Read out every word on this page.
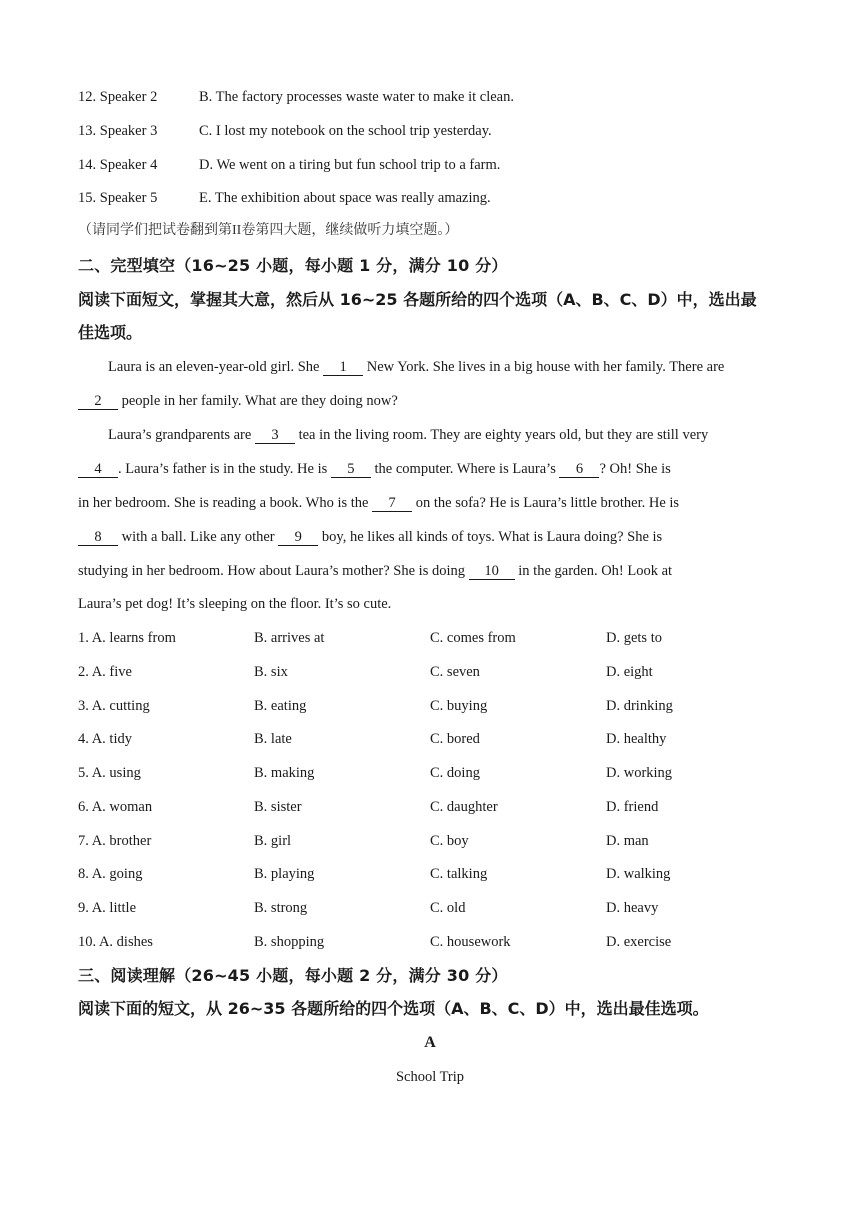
12. Speaker 2	B. The factory processes waste water to make it clean.
13. Speaker 3	C. I lost my notebook on the school trip yesterday.
14. Speaker 4	D. We went on a tiring but fun school trip to a farm.
15. Speaker 5	E. The exhibition about space was really amazing.
（请同学们把试卷翻到第II卷第四大题，继续做听力填空题。）
二、完型填空（16~25 小题，每小题 1 分，满分 10 分）
阅读下面短文，掌握其大意，然后从 16~25 各题所给的四个选项（A、B、C、D）中，选出最
佳选项。
Laura is an eleven-year-old girl. She 1 New York. She lives in a big house with her family. There are
2 people in her family. What are they doing now?
Laura’s grandparents are 3 tea in the living room. They are eighty years old, but they are still very
4 . Laura’s father is in the study. He is 5 the computer. Where is Laura’s 6 ? Oh! She is
in her bedroom. She is reading a book. Who is the 7 on the sofa? He is Laura’s little brother. He is
8 with a ball. Like any other 9 boy, he likes all kinds of toys. What is Laura doing? She is
studying in her bedroom. How about Laura’s mother? She is doing 10 in the garden. Oh! Look at
Laura’s pet dog! It’s sleeping on the floor. It’s so cute.
1. A. learns from	B. arrives at	C. comes from	D. gets to
2. A. five	B. six	C. seven	D. eight
3. A. cutting	B. eating	C. buying	D. drinking
4. A. tidy	B. late	C. bored	D. healthy
5. A. using	B. making	C. doing	D. working
6. A. woman	B. sister	C. daughter	D. friend
7. A. brother	B. girl	C. boy	D. man
8. A. going	B. playing	C. talking	D. walking
9. A. little	B. strong	C. old	D. heavy
10. A. dishes	B. shopping	C. housework	D. exercise
三、阅读理解（26~45 小题，每小题 2 分，满分 30 分）
阅读下面的短文，从 26~35 各题所给的四个选项（A、B、C、D）中，选出最佳选项。
A
School Trip
